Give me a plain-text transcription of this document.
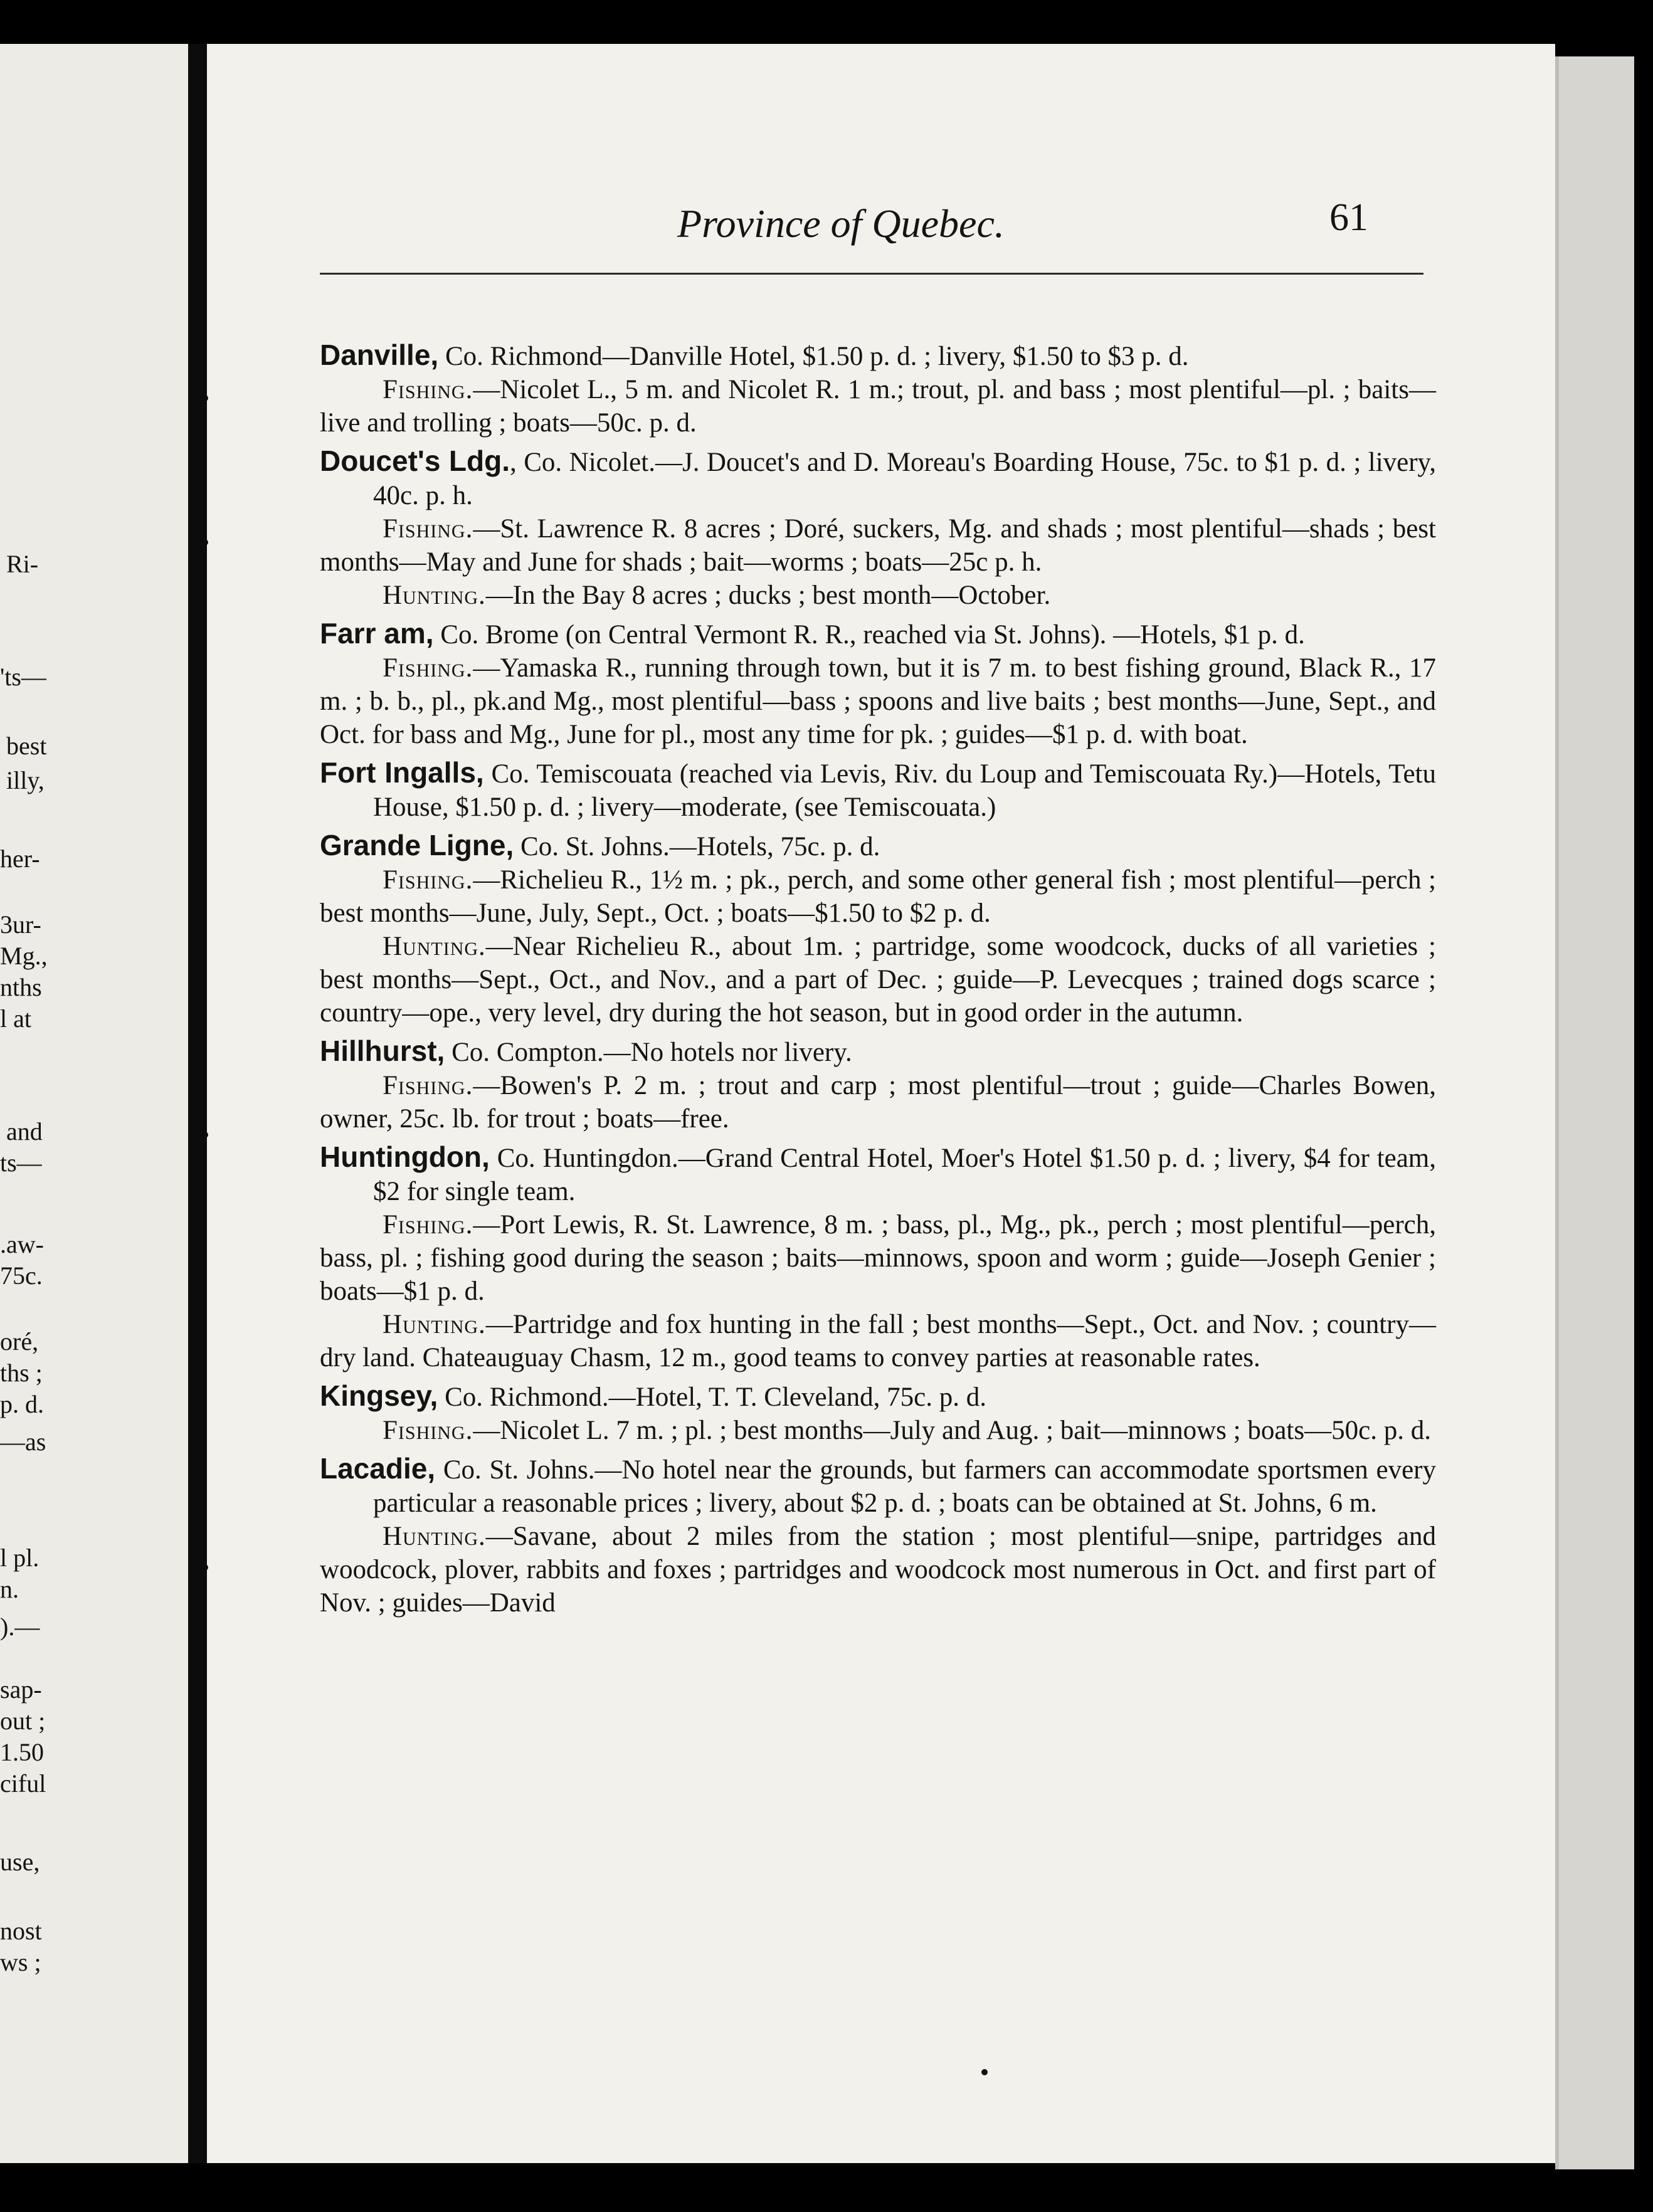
Ri-
'ts—
best
illy,
her-
3ur-
Mg.,
nths
l at
and
ts—
.aw-
75c.
oré,
ths ;
p. d.
—as
l pl.
n.
).—
sap-
out ;
1.50
ciful
use,
nost
ws ;
Province of Quebec.	61
Danville, Co. Richmond—Danville Hotel, $1.50 p. d. ; livery, $1.50 to $3 p. d.
Fishing.—Nicolet L., 5 m. and Nicolet R. 1 m.; trout, pl. and bass ; most plentiful—pl. ; baits—live and trolling ; boats—50c. p. d.
Doucet's Ldg., Co. Nicolet.—J. Doucet's and D. Moreau's Boarding House, 75c. to $1 p. d. ; livery, 40c. p. h.
Fishing.—St. Lawrence R. 8 acres ; Doré, suckers, Mg. and shads ; most plentiful—shads ; best months—May and June for shads ; bait—worms ; boats—25c p. h.
Hunting.—In the Bay 8 acres ; ducks ; best month—October.
Farr am, Co. Brome (on Central Vermont R. R., reached via St. Johns). —Hotels, $1 p. d.
Fishing.—Yamaska R., running through town, but it is 7 m. to best fishing ground, Black R., 17 m. ; b. b., pl., pk.and Mg., most plentiful—bass ; spoons and live baits ; best months—June, Sept., and Oct. for bass and Mg., June for pl., most any time for pk. ; guides—$1 p. d. with boat.
Fort Ingalls, Co. Temiscouata (reached via Levis, Riv. du Loup and Temiscouata Ry.)—Hotels, Tetu House, $1.50 p. d. ; livery—moderate, (see Temiscouata.)
Grande Ligne, Co. St. Johns.—Hotels, 75c. p. d.
Fishing.—Richelieu R., 1½ m. ; pk., perch, and some other general fish ; most plentiful—perch ; best months—June, July, Sept., Oct. ; boats—$1.50 to $2 p. d.
Hunting.—Near Richelieu R., about 1m. ; partridge, some woodcock, ducks of all varieties ; best months—Sept., Oct., and Nov., and a part of Dec. ; guide—P. Levecques ; trained dogs scarce ; country—ope., very level, dry during the hot season, but in good order in the autumn.
Hillhurst, Co. Compton.—No hotels nor livery.
Fishing.—Bowen's P. 2 m. ; trout and carp ; most plentiful—trout ; guide—Charles Bowen, owner, 25c. lb. for trout ; boats—free.
Huntingdon, Co. Huntingdon.—Grand Central Hotel, Moer's Hotel $1.50 p. d. ; livery, $4 for team, $2 for single team.
Fishing.—Port Lewis, R. St. Lawrence, 8 m. ; bass, pl., Mg., pk., perch ; most plentiful—perch, bass, pl. ; fishing good during the season ; baits—minnows, spoon and worm ; guide—Joseph Genier ; boats—$1 p. d.
Hunting.—Partridge and fox hunting in the fall ; best months—Sept., Oct. and Nov. ; country—dry land. Chateauguay Chasm, 12 m., good teams to convey parties at reasonable rates.
Kingsey, Co. Richmond.—Hotel, T. T. Cleveland, 75c. p. d.
Fishing.—Nicolet L. 7 m. ; pl. ; best months—July and Aug. ; bait—minnows ; boats—50c. p. d.
Lacadie, Co. St. Johns.—No hotel near the grounds, but farmers can accommodate sportsmen every particular a reasonable prices ; livery, about $2 p. d. ; boats can be obtained at St. Johns, 6 m.
Hunting.—Savane, about 2 miles from the station ; most plentiful—snipe, partridges and woodcock, plover, rabbits and foxes ; partridges and woodcock most numerous in Oct. and first part of Nov. ; guides—David
